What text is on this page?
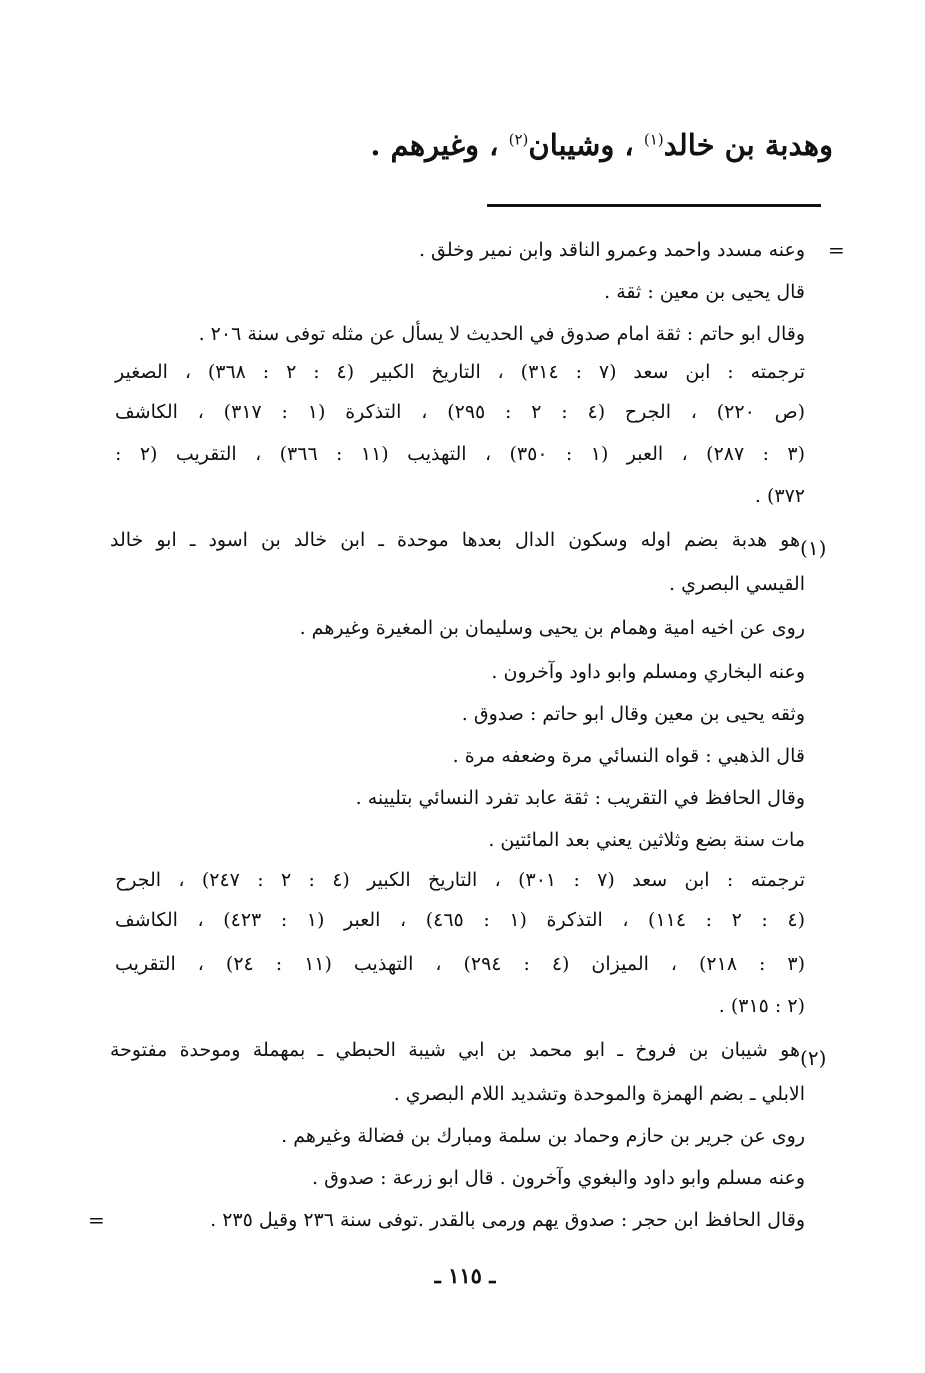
وهدبة بن خالد$^{(١)}$ ، وشيبان$^{(٢)}$ ، وغيرهم .
=
وعنه مسدد واحمد وعمرو الناقد وابن نمير وخلق .
قال يحيى بن معين : ثقة .
وقال ابو حاتم : ثقة امام صدوق في الحديث لا يسأل عن مثله توفى سنة ٢٠٦ .
ترجمته : ابن سعد (٧ : ٣١٤) ، التاريخ الكبير (٤ : ٢ : ٣٦٨) ، الصغير
(ص ٢٢٠) ، الجرح (٤ : ٢ : ٢٩٥) ، التذكرة (١ : ٣١٧) ، الكاشف
(٣ : ٢٨٧) ، العبر (١ : ٣٥٠) ، التهذيب (١١ : ٣٦٦) ، التقريب (٢ :
٣٧٢) .
(١)
هو هدبة بضم اوله وسكون الدال بعدها موحدة ـ ابن خالد بن اسود ـ ابو خالد
القيسي البصري .
روى عن اخيه امية وهمام بن يحيى وسليمان بن المغيرة وغيرهم .
وعنه البخاري ومسلم وابو داود وآخرون .
وثقه يحيى بن معين وقال ابو حاتم : صدوق .
قال الذهبي : قواه النسائي مرة وضعفه مرة .
وقال الحافظ في التقريب : ثقة عابد تفرد النسائي بتليينه .
مات سنة بضع وثلاثين يعني بعد المائتين .
ترجمته : ابن سعد (٧ : ٣٠١) ، التاريخ الكبير (٤ : ٢ : ٢٤٧) ، الجرح
(٤ : ٢ : ١١٤) ، التذكرة (١ : ٤٦٥) ، العبر (١ : ٤٢٣) ، الكاشف
(٣ : ٢١٨) ، الميزان (٤ : ٢٩٤) ، التهذيب (١١ : ٢٤) ، التقريب
(٢ : ٣١٥) .
(٢)
هو شيبان بن فروخ ـ ابو محمد بن ابي شيبة الحبطي ـ بمهملة وموحدة مفتوحة
الابلي ـ بضم الهمزة والموحدة وتشديد اللام البصري .
روى عن جرير بن حازم وحماد بن سلمة ومبارك بن فضالة وغيرهم .
وعنه مسلم وابو داود والبغوي وآخرون . قال ابو زرعة : صدوق .
وقال الحافظ ابن حجر : صدوق يهم ورمى بالقدر .توفى سنة ٢٣٦ وقيل ٢٣٥ .
=
ـ ١١٥ ـ
